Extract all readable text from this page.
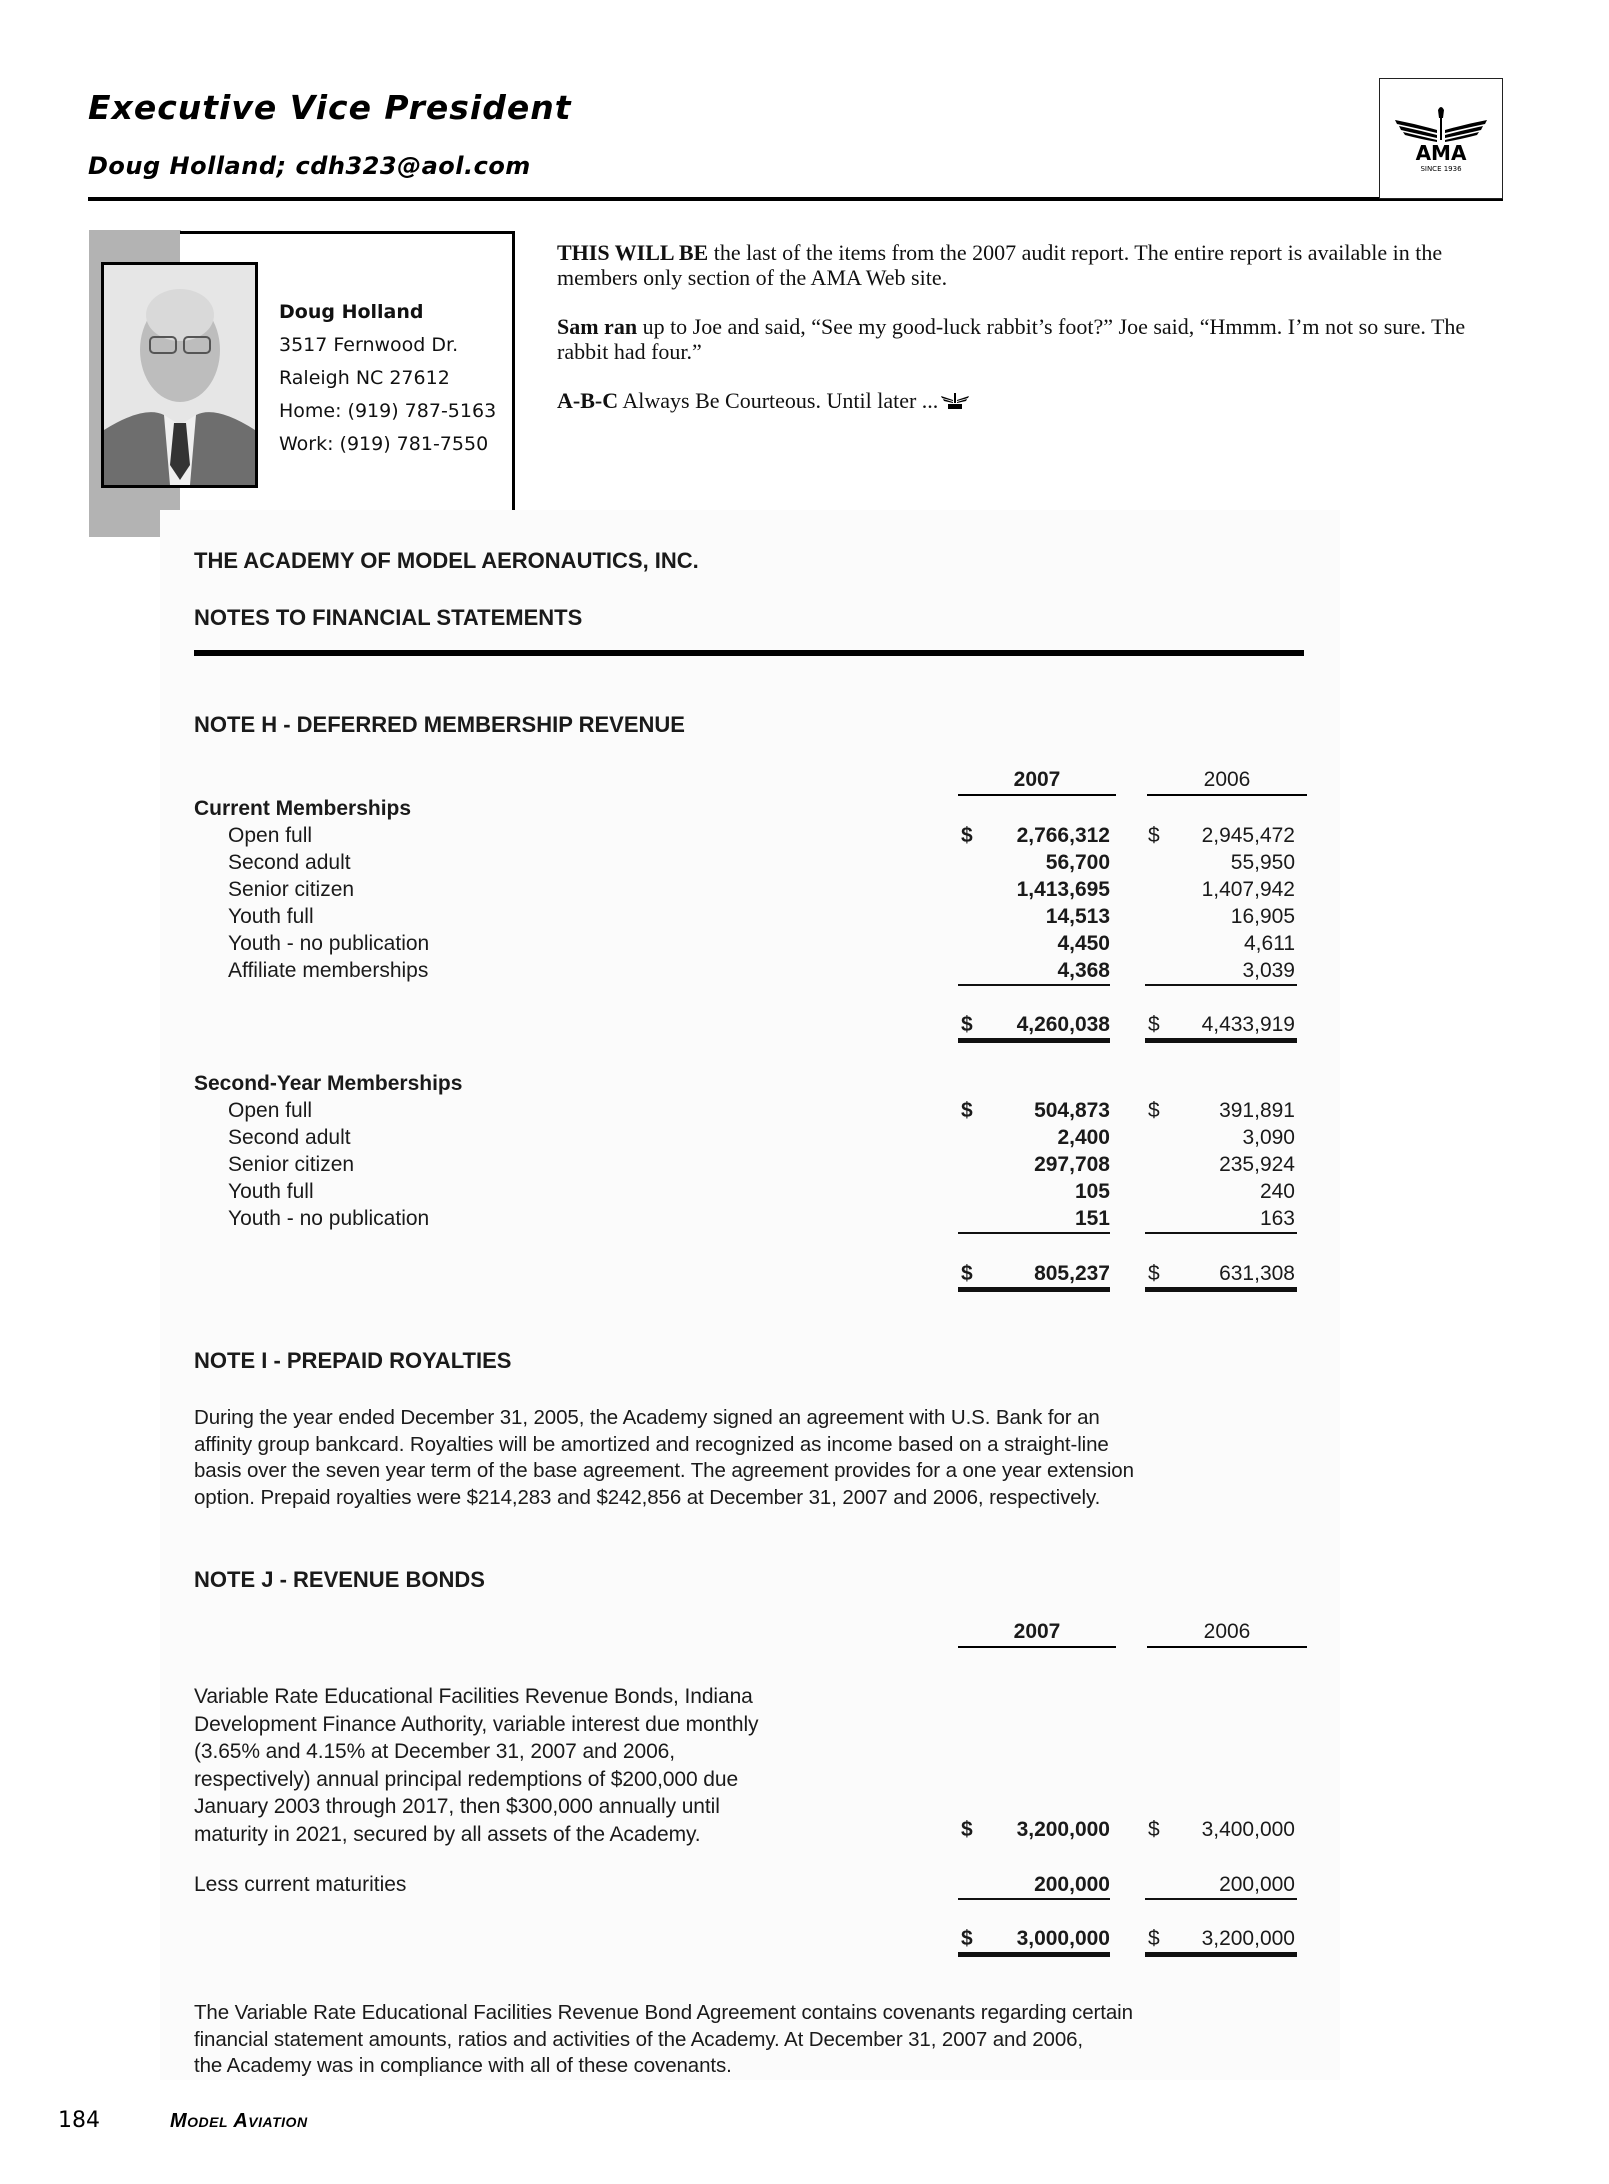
Executive Vice President
Doug Holland; cdh323@aol.com	AMA
SINCE 1936
Doug Holland
3517 Fernwood Dr.
Raleigh NC 27612
Home: (919) 787-5163
Work: (919) 781-7550

THIS WILL BE the last of the items from the 2007 audit report. The entire report is available in the members only section of the AMA Web site.

Sam ran up to Joe and said, “See my good-luck rabbit’s foot?” Joe said, “Hmmm. I’m not so sure. The rabbit had four.”

A-B-C Always Be Courteous. Until later ...

THE ACADEMY OF MODEL AERONAUTICS, INC.
NOTES TO FINANCIAL STATEMENTS
NOTE H - DEFERRED MEMBERSHIP REVENUE
2007	2006
Current Memberships
Open full	$	2,766,312 $	2,945,472
Second adult	56,700	55,950
Senior citizen	1,413,695	1,407,942
Youth full	14,513	16,905
Youth - no publication	4,450	4,611
Affiliate memberships	4,368	3,039
$	4,260,038 $	4,433,919
Second-Year Memberships
Open full	$	504,873 $	391,891
Second adult	2,400	3,090
Senior citizen	297,708	235,924
Youth full	105	240
Youth - no publication	151	163
$	805,237 $	631,308
NOTE I - PREPAID ROYALTIES
During the year ended December 31, 2005, the Academy signed an agreement with U.S. Bank for an
affinity group bankcard. Royalties will be amortized and recognized as income based on a straight-line
basis over the seven year term of the base agreement. The agreement provides for a one year extension
option. Prepaid royalties were $214,283 and $242,856 at December 31, 2007 and 2006, respectively.
NOTE J - REVENUE BONDS
2007	2006
Variable Rate Educational Facilities Revenue Bonds, Indiana
Development Finance Authority, variable interest due monthly
(3.65% and 4.15% at December 31, 2007 and 2006,
respectively) annual principal redemptions of $200,000 due
January 2003 through 2017, then $300,000 annually until
maturity in 2021, secured by all assets of the Academy.	$	3,200,000 $	3,400,000
Less current maturities	200,000	200,000
$	3,000,000 $	3,200,000
The Variable Rate Educational Facilities Revenue Bond Agreement contains covenants regarding certain
financial statement amounts, ratios and activities of the Academy. At December 31, 2007 and 2006,
the Academy was in compliance with all of these covenants.
184	Model Aviation
